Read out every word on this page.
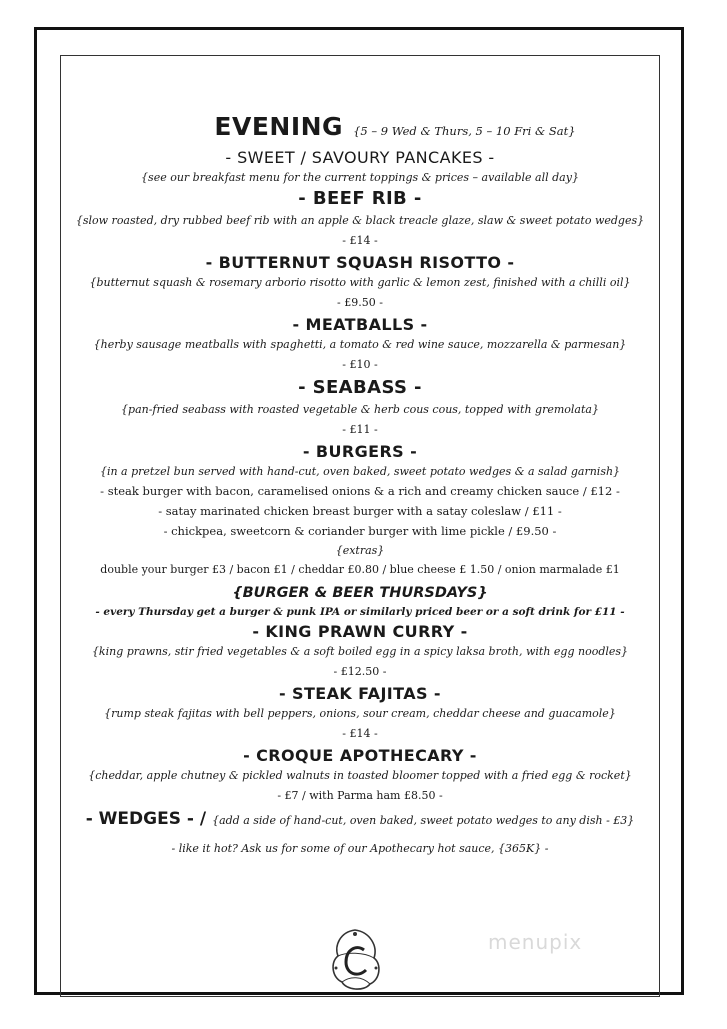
EVENING {5 – 9 Wed & Thurs, 5 – 10 Fri & Sat}
- SWEET / SAVOURY PANCAKES -
{see our breakfast menu for the current toppings & prices – available all day}
- BEEF RIB -
{slow roasted, dry rubbed beef rib with an apple & black treacle glaze, slaw & sweet potato wedges}
- £14 -
- BUTTERNUT SQUASH RISOTTO -
{butternut squash & rosemary arborio risotto with garlic & lemon zest, finished with a chilli oil}
- £9.50 -
- MEATBALLS -
{herby sausage meatballs with spaghetti, a tomato & red wine sauce, mozzarella & parmesan}
- £10 -
- SEABASS -
{pan-fried seabass with roasted vegetable & herb cous cous, topped with gremolata}
- £11 -
- BURGERS -
{in a pretzel bun served with hand-cut, oven baked, sweet potato wedges & a salad garnish}
- steak burger with bacon, caramelised onions & a rich and creamy chicken sauce / £12 -
- satay marinated chicken breast burger with a satay coleslaw / £11 -
- chickpea, sweetcorn & coriander burger with lime pickle / £9.50 -
{extras}
double your burger £3 / bacon £1 / cheddar £0.80 / blue cheese £ 1.50 / onion marmalade £1
{BURGER & BEER THURSDAYS}
- every Thursday get a burger & punk IPA or similarly priced beer or a soft drink for £11 -
- KING PRAWN CURRY -
{king prawns, stir fried vegetables & a soft boiled egg in a spicy laksa broth, with egg noodles}
- £12.50 -
- STEAK FAJITAS -
{rump steak fajitas with bell peppers, onions, sour cream, cheddar cheese and guacamole}
- £14 -
- CROQUE APOTHECARY -
{cheddar, apple chutney & pickled walnuts in toasted bloomer topped with a fried egg & rocket}
- £7 / with Parma ham £8.50 -
- WEDGES - / {add a side of hand-cut, oven baked, sweet potato wedges to any dish - £3}
- like it hot? Ask us for some of our Apothecary hot sauce, {365K} -
menupix
